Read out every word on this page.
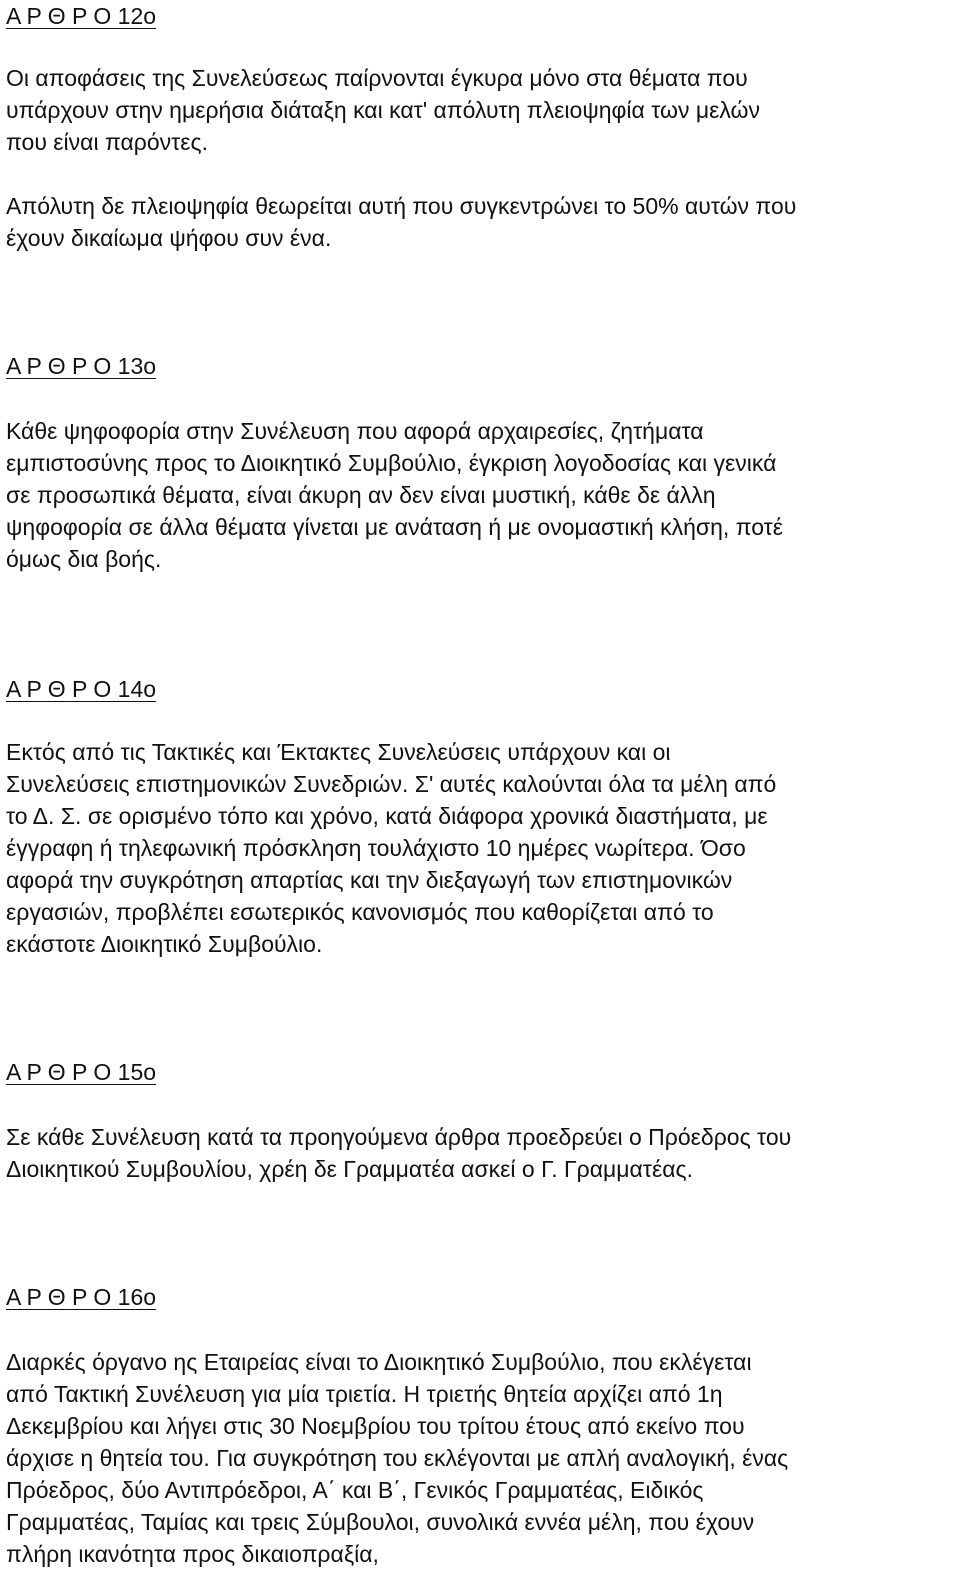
Α Ρ Θ Ρ Ο 12ο
Οι αποφάσεις της Συνελεύσεως παίρνονται έγκυρα μόνο στα θέματα που
υπάρχουν στην ημερήσια διάταξη και κατ' απόλυτη πλειοψηφία των μελών
που είναι παρόντες.
Απόλυτη δε πλειοψηφία θεωρείται αυτή που συγκεντρώνει το 50% αυτών που
έχουν δικαίωμα ψήφου συν ένα.
Α Ρ Θ Ρ Ο 13ο
Κάθε ψηφοφορία στην Συνέλευση που αφορά αρχαιρεσίες, ζητήματα
εμπιστοσύνης προς το Διοικητικό Συμβούλιο, έγκριση λογοδοσίας και γενικά
σε προσωπικά θέματα, είναι άκυρη αν δεν είναι μυστική, κάθε δε άλλη
ψηφοφορία σε άλλα θέματα γίνεται με ανάταση ή με ονομαστική κλήση, ποτέ
όμως δια βοής.
Α Ρ Θ Ρ Ο 14ο
Εκτός από τις Τακτικές και Έκτακτες Συνελεύσεις υπάρχουν και οι
Συνελεύσεις επιστημονικών Συνεδριών. Σ' αυτές καλούνται όλα τα μέλη από
το Δ. Σ. σε ορισμένο τόπο και χρόνο, κατά διάφορα χρονικά διαστήματα, με
έγγραφη ή τηλεφωνική πρόσκληση τουλάχιστο 10 ημέρες νωρίτερα. Όσο
αφορά την συγκρότηση απαρτίας και την διεξαγωγή των επιστημονικών
εργασιών, προβλέπει εσωτερικός κανονισμός που καθορίζεται από το
εκάστοτε Διοικητικό Συμβούλιο.
Α Ρ Θ Ρ Ο 15ο
Σε κάθε Συνέλευση κατά τα προηγούμενα άρθρα προεδρεύει ο Πρόεδρος του
Διοικητικού Συμβουλίου, χρέη δε Γραμματέα ασκεί ο Γ. Γραμματέας.
Α Ρ Θ Ρ Ο 16ο
Διαρκές όργανο ης Εταιρείας είναι το Διοικητικό Συμβούλιο, που εκλέγεται
από Τακτική Συνέλευση για μία τριετία. Η τριετής θητεία αρχίζει από 1η
Δεκεμβρίου και λήγει στις 30 Νοεμβρίου του τρίτου έτους από εκείνο που
άρχισε η θητεία του. Για συγκρότηση του εκλέγονται με απλή αναλογική, ένας
Πρόεδρος, δύο Αντιπρόεδροι, Α΄ και Β΄, Γενικός Γραμματέας, Ειδικός
Γραμματέας, Ταμίας και τρεις Σύμβουλοι, συνολικά εννέα μέλη, που έχουν
πλήρη ικανότητα προς δικαιοπραξία,
